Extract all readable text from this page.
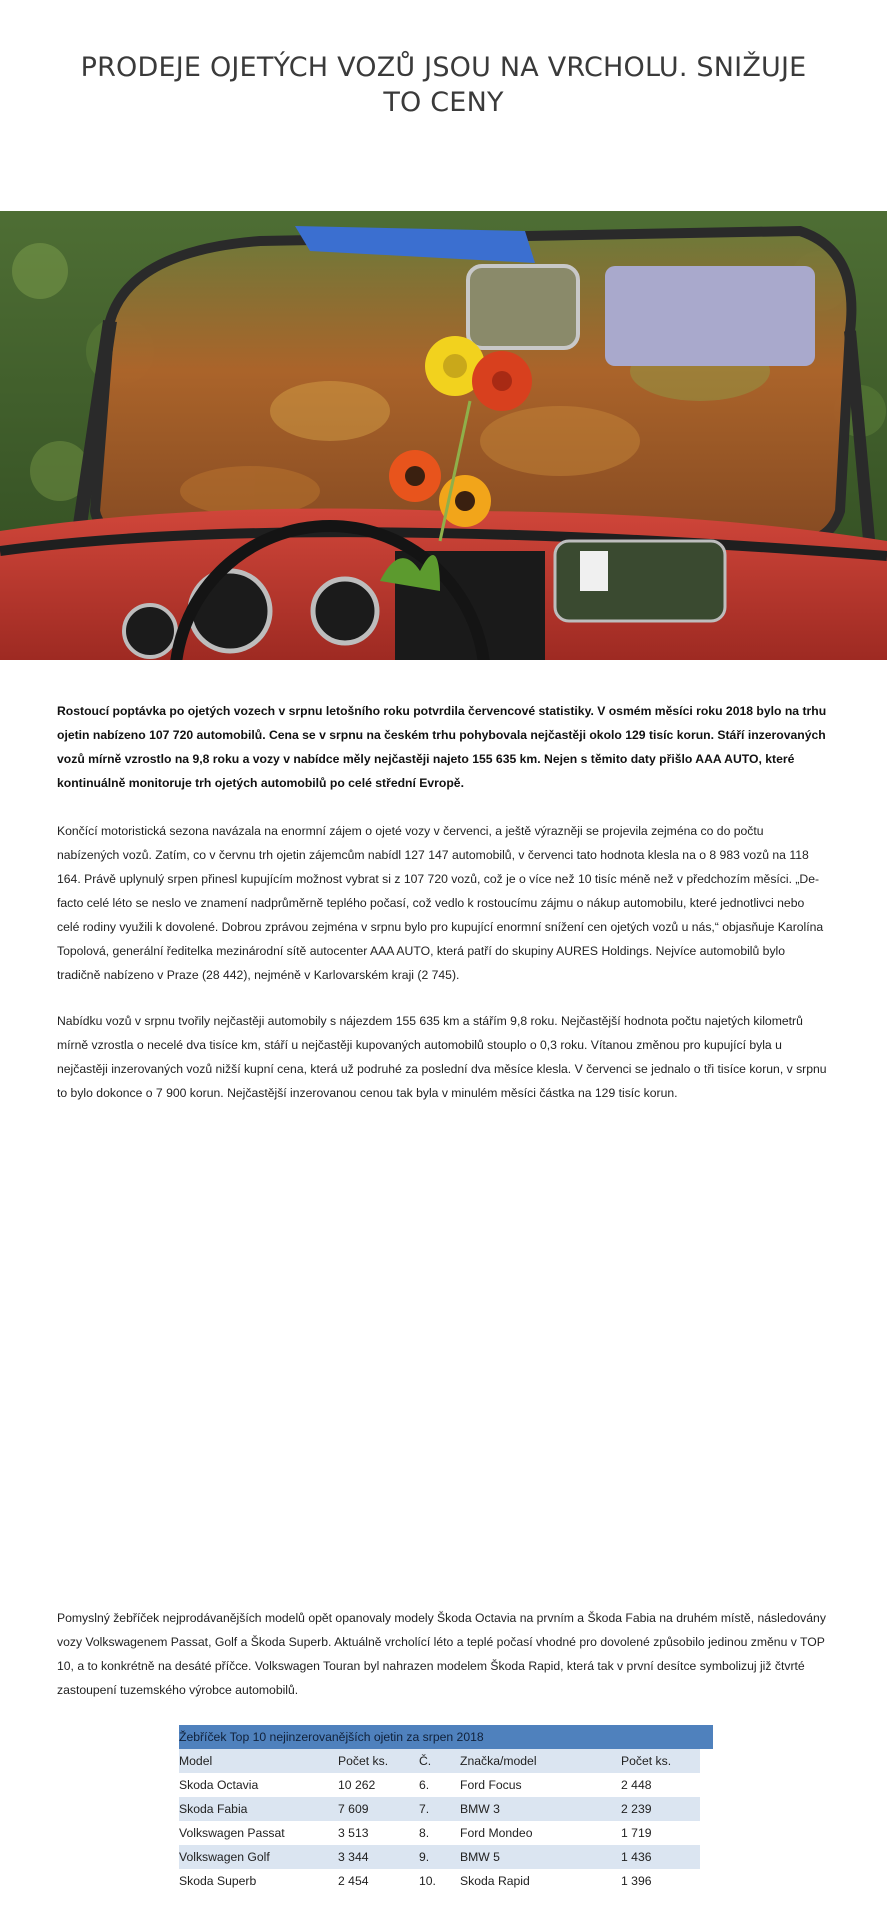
PRODEJE OJETÝCH VOZŮ JSOU NA VRCHOLU. SNIŽUJE TO CENY

Rostoucí poptávka po ojetých vozech v srpnu letošního roku potvrdila červencové statistiky. V osmém měsíci roku 2018 bylo na trhu ojetin nabízeno 107 720 automobilů. Cena se v srpnu na českém trhu pohybovala nejčastěji okolo 129 tisíc korun. Stáří inzerovaných vozů mírně vzrostlo na 9,8 roku a vozy v nabídce měly nejčastěji najeto 155 635 km. Nejen s těmito daty přišlo AAA AUTO, které kontinuálně monitoruje trh ojetých automobilů po celé střední Evropě.

Končící motoristická sezona navázala na enormní zájem o ojeté vozy v červenci, a ještě výrazněji se projevila zejména co do počtu nabízených vozů. Zatím, co v červnu trh ojetin zájemcům nabídl 127 147 automobilů, v červenci tato hodnota klesla na o 8 983 vozů na 118 164. Právě uplynulý srpen přinesl kupujícím možnost vybrat si z 107 720 vozů, což je o více než 10 tisíc méně než v předchozím měsíci. „De-facto celé léto se neslo ve znamení nadprůměrně teplého počasí, což vedlo k rostoucímu zájmu o nákup automobilu, které jednotlivci nebo celé rodiny využili k dovolené. Dobrou zprávou zejména v srpnu bylo pro kupující enormní snížení cen ojetých vozů u nás,“ objasňuje Karolína Topolová, generální ředitelka mezinárodní sítě autocenter AAA AUTO, která patří do skupiny AURES Holdings. Nejvíce automobilů bylo tradičně nabízeno v Praze (28 442), nejméně v Karlovarském kraji (2 745).

Nabídku vozů v srpnu tvořily nejčastěji automobily s nájezdem 155 635 km a stářím 9,8 roku. Nejčastější hodnota počtu najetých kilometrů mírně vzrostla o necelé dva tisíce km, stáří u nejčastěji kupovaných automobilů stouplo o 0,3 roku. Vítanou změnou pro kupující byla u nejčastěji inzerovaných vozů nižší kupní cena, která už podruhé za poslední dva měsíce klesla. V červenci se jednalo o tři tisíce korun, v srpnu to bylo dokonce o 7 900 korun. Nejčastější inzerovanou cenou tak byla v minulém měsíci částka na 129 tisíc korun.

Pomyslný žebříček nejprodávanějších modelů opět opanovaly modely Škoda Octavia na prvním a Škoda Fabia na druhém místě, následovány vozy Volkswagenem Passat, Golf a Škoda Superb. Aktuálně vrcholící léto a teplé počasí vhodné pro dovolené způsobilo jedinou změnu v TOP 10, a to konkrétně na desáté příčce. Volkswagen Touran byl nahrazen modelem Škoda Rapid, která tak v první desítce symbolizuj již čtvrté zastoupení tuzemského výrobce automobilů.

Žebříček Top 10 nejinzerovanějších ojetin za srpen 2018
Model	Počet ks.	Č.	Značka/model	Počet ks.
Skoda Octavia	10 262	6.	Ford Focus	2 448
Skoda Fabia	7 609	7.	BMW 3	2 239
Volkswagen Passat	3 513	8.	Ford Mondeo	1 719
Volkswagen Golf	3 344	9.	BMW 5	1 436
Skoda Superb	2 454	10.	Skoda Rapid	1 396
